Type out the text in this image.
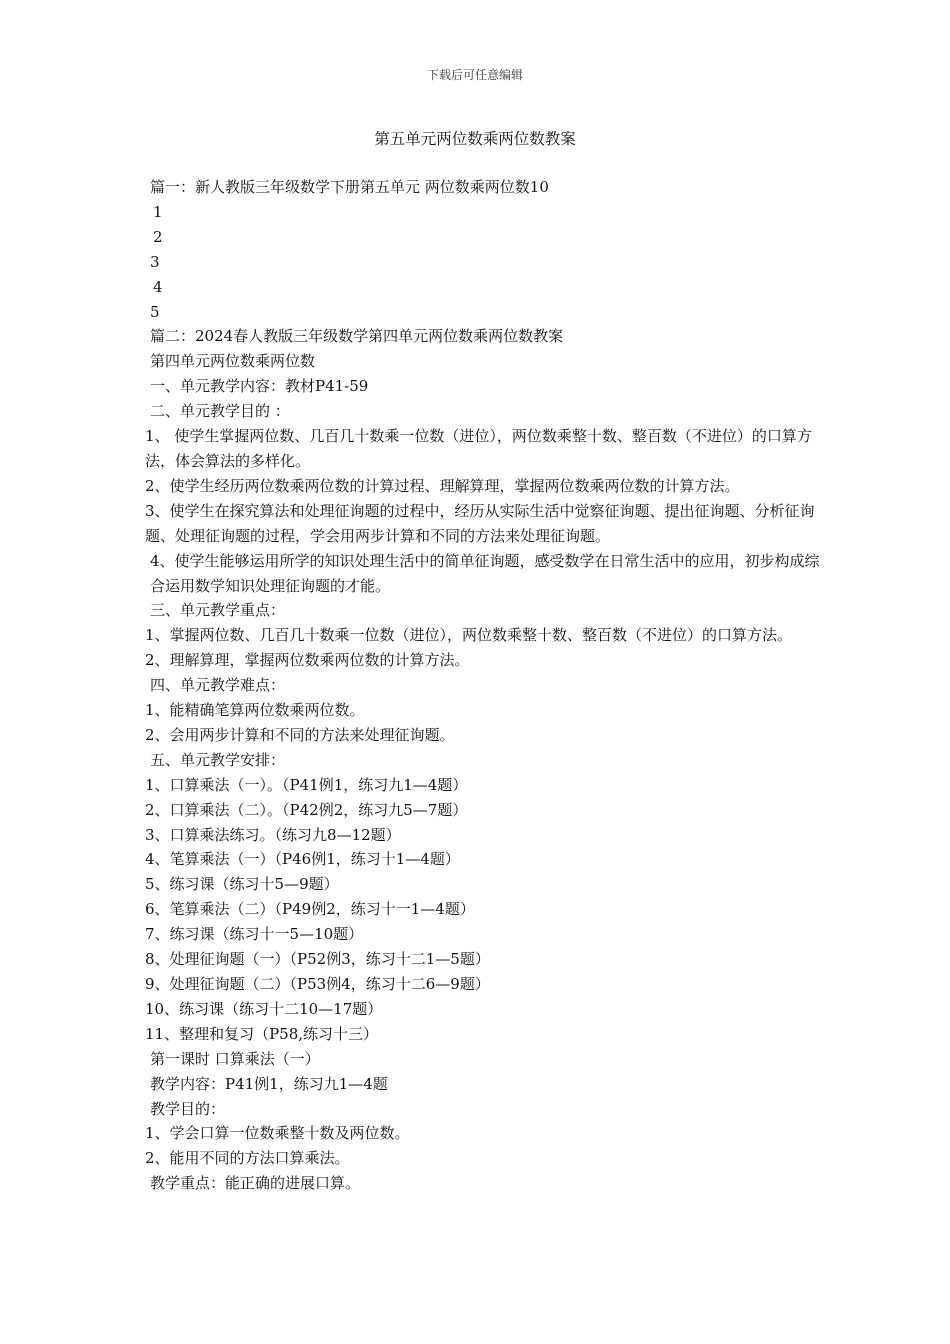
下载后可任意编辑
第五单元两位数乘两位数教案
篇一：新人教版三年级数学下册第五单元 两位数乘两位数10
1
2
3
4
5
篇二：2024春人教版三年级数学第四单元两位数乘两位数教案
第四单元两位数乘两位数
一、单元教学内容：教材P41-59
二、单元教学目的 ：
1、 使学生掌握两位数、几百几十数乘一位数（进位），两位数乘整十数、整百数（不进位）的口算方法，体会算法的多样化。
2、使学生经历两位数乘两位数的计算过程、理解算理，掌握两位数乘两位数的计算方法。
3、使学生在探究算法和处理征询题的过程中，经历从实际生活中觉察征询题、提出征询题、分析征询题、处理征询题的过程，学会用两步计算和不同的方法来处理征询题。
4、使学生能够运用所学的知识处理生活中的简单征询题，感受数学在日常生活中的应用，初步构成综合运用数学知识处理征询题的才能。
三、单元教学重点：
1、掌握两位数、几百几十数乘一位数（进位），两位数乘整十数、整百数（不进位）的口算方法。
2、理解算理，掌握两位数乘两位数的计算方法。
四、单元教学难点：
1、能精确笔算两位数乘两位数。
2、会用两步计算和不同的方法来处理征询题。
五、单元教学安排：
1、口算乘法（一）。（P41例1，练习九1—4题）
2、口算乘法（二）。（P42例2，练习九5—7题）
3、口算乘法练习。（练习九8—12题）
4、笔算乘法（一）（P46例1，练习十1—4题）
5、练习课（练习十5—9题）
6、笔算乘法（二）（P49例2，练习十一1—4题）
7、练习课（练习十一5—10题）
8、处理征询题（一）（P52例3，练习十二1—5题）
9、处理征询题（二）（P53例4，练习十二6—9题）
10、练习课（练习十二10—17题）
11、整理和复习（P58,练习十三）
第一课时 口算乘法（一）
教学内容：P41例1，练习九1—4题
教学目的：
1、学会口算一位数乘整十数及两位数。
2、能用不同的方法口算乘法。
教学重点：能正确的进展口算。
